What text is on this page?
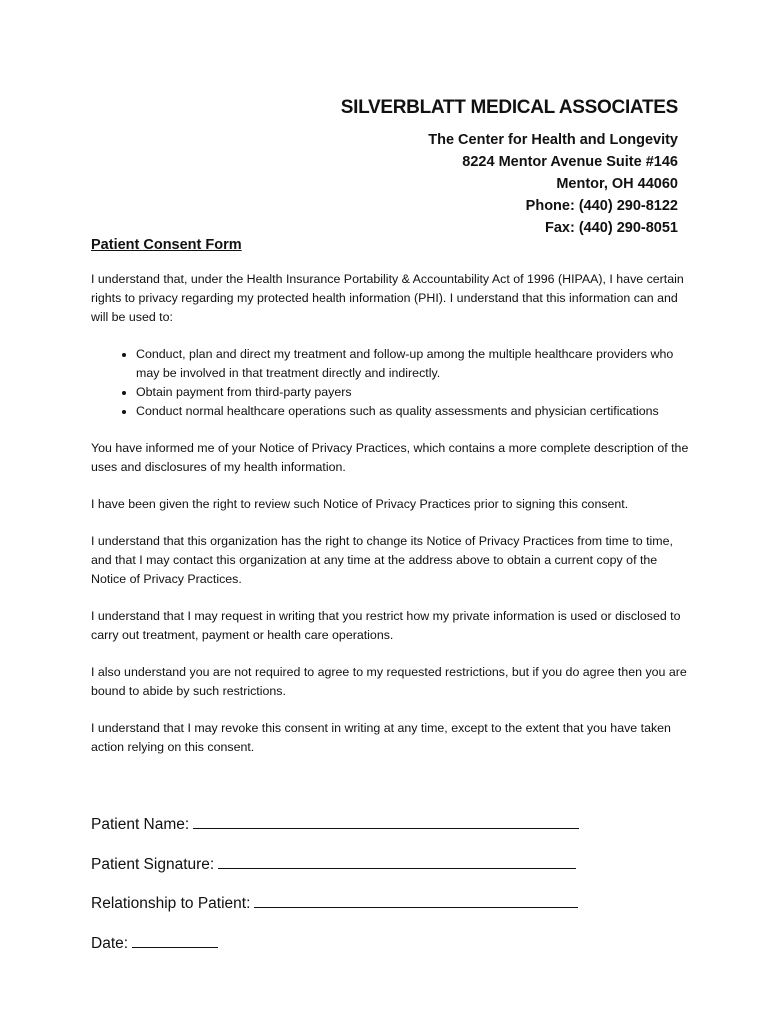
SILVERBLATT MEDICAL ASSOCIATES
The Center for Health and Longevity
8224 Mentor Avenue Suite #146
Mentor, OH 44060
Phone: (440) 290-8122
Fax: (440) 290-8051
Patient Consent Form

I understand that, under the Health Insurance Portability & Accountability Act of 1996 (HIPAA), I have certain rights to privacy regarding my protected health information (PHI). I understand that this information can and will be used to:

• Conduct, plan and direct my treatment and follow-up among the multiple healthcare providers who may be involved in that treatment directly and indirectly.
• Obtain payment from third-party payers
• Conduct normal healthcare operations such as quality assessments and physician certifications

You have informed me of your Notice of Privacy Practices, which contains a more complete description of the uses and disclosures of my health information.

I have been given the right to review such Notice of Privacy Practices prior to signing this consent.

I understand that this organization has the right to change its Notice of Privacy Practices from time to time, and that I may contact this organization at any time at the address above to obtain a current copy of the Notice of Privacy Practices.

I understand that I may request in writing that you restrict how my private information is used or disclosed to carry out treatment, payment or health care operations.

I also understand you are not required to agree to my requested restrictions, but if you do agree then you are bound to abide by such restrictions.

I understand that I may revoke this consent in writing at any time, except to the extent that you have taken action relying on this consent.

Patient Name:
Patient Signature:
Relationship to Patient:
Date:
